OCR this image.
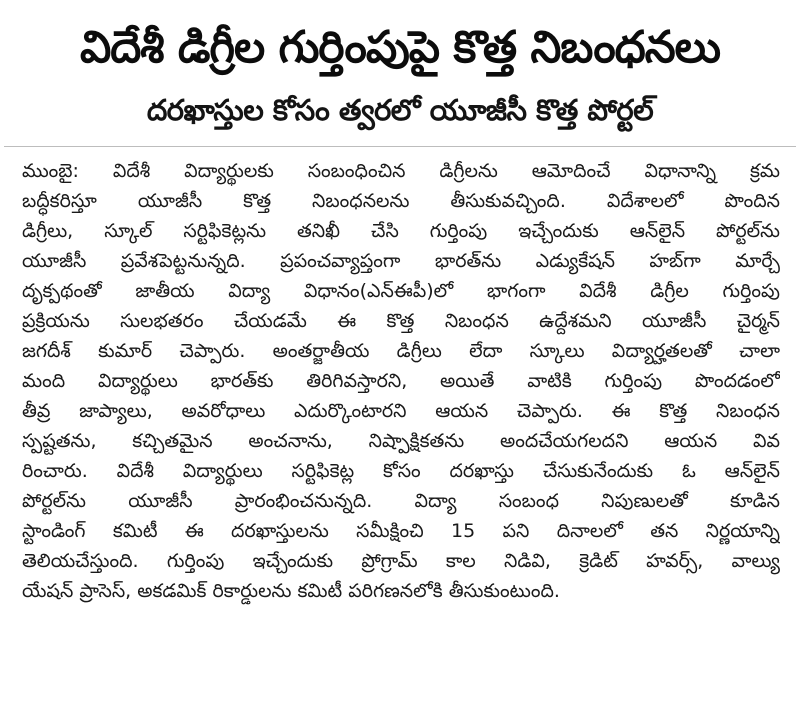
విదేశీ డిగ్రీల గుర్తింపుపై కొత్త నిబంధనలు
దరఖాస్తుల కోసం త్వరలో యూజీసీ కొత్త పోర్టల్
ముంబై: విదేశీ విద్యార్థులకు సంబంధించిన డిగ్రీలను ఆమోదించే విధానాన్ని క్రమ
బద్ధీకరిస్తూ యూజీసీ కొత్త నిబంధనలను తీసుకువచ్చింది. విదేశాలలో పొందిన
డిగ్రీలు, స్కూల్ సర్టిఫికెట్లను తనిఖీ చేసి గుర్తింపు ఇచ్చేందుకు ఆన్‌లైన్ పోర్టల్‌ను
యూజీసీ ప్రవేశపెట్టనున్నది. ప్రపంచవ్యాప్తంగా భారత్‌ను ఎడ్యుకేషన్ హబ్‌గా మార్చే
దృక్పథంతో జాతీయ విద్యా విధానం(ఎన్ఈపీ)లో భాగంగా విదేశీ డిగ్రీల గుర్తింపు
ప్రక్రియను సులభతరం చేయడమే ఈ కొత్త నిబంధన ఉద్దేశమని యూజీసీ చైర్మన్
జగదీశ్ కుమార్ చెప్పారు. అంతర్జాతీయ డిగ్రీలు లేదా స్కూలు విద్యార్హతలతో చాలా
మంది విద్యార్థులు భారత్‌కు తిరిగివస్తారని, అయితే వాటికి గుర్తింపు పొందడంలో
తీవ్ర జాప్యాలు, అవరోధాలు ఎదుర్కొంటారని ఆయన చెప్పారు. ఈ కొత్త నిబంధన
స్పష్టతను, కచ్చితమైన అంచనాను, నిష్పాక్షికతను అందచేయగలదని ఆయన వివ
రించారు. విదేశీ విద్యార్థులు సర్టిఫికెట్ల కోసం దరఖాస్తు చేసుకునేందుకు ఓ ఆన్‌లైన్
పోర్టల్‌ను యూజీసీ ప్రారంభించనున్నది. విద్యా సంబంధ నిపుణులతో కూడిన
స్టాండింగ్ కమిటీ ఈ దరఖాస్తులను సమీక్షించి 15 పని దినాలలో తన నిర్ణయాన్ని
తెలియచేస్తుంది. గుర్తింపు ఇచ్చేందుకు ప్రోగ్రామ్ కాల నిడివి, క్రెడిట్ హవర్స్, వాల్యు
యేషన్ ప్రాసెస్, అకడమిక్ రికార్డులను కమిటీ పరిగణనలోకి తీసుకుంటుంది.
